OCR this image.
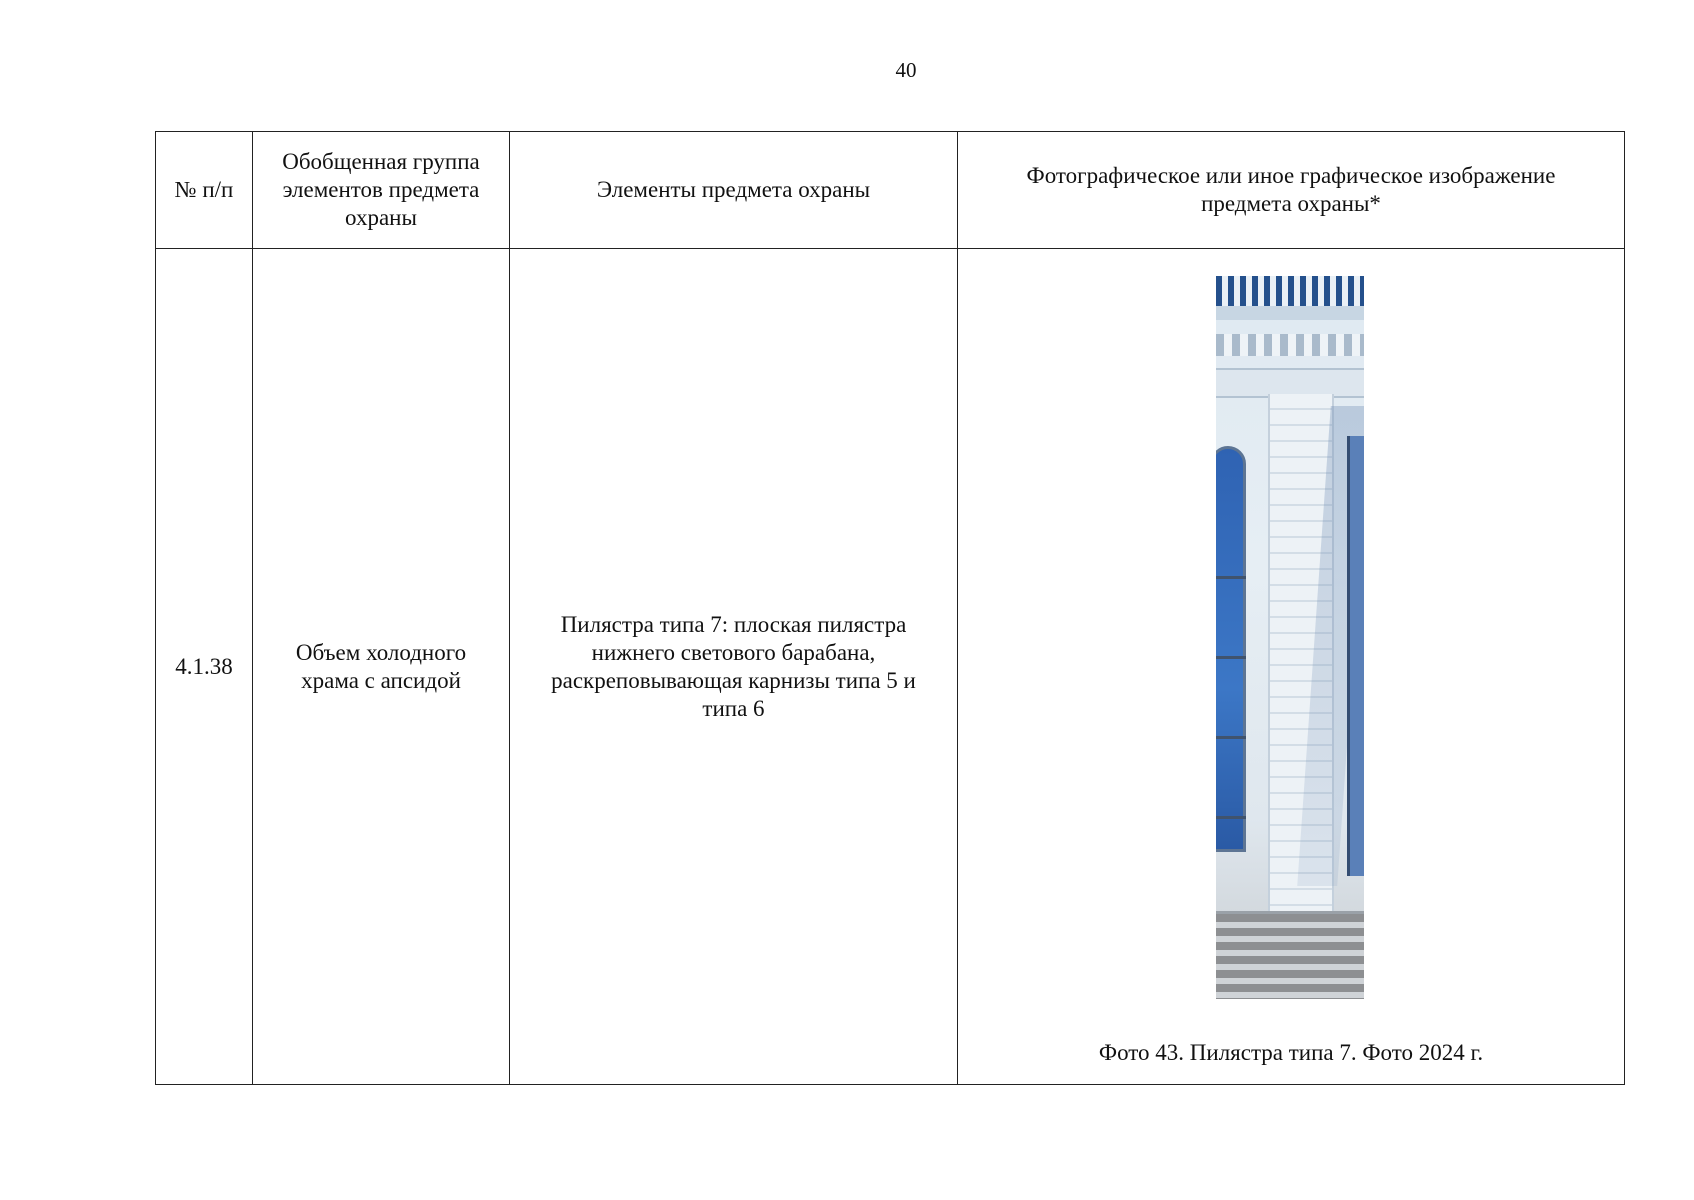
40
№ п/п	Обобщенная группа элементов предмета охраны	Элементы предмета охраны	Фотографическое или иное графическое изображение предмета охраны*
4.1.38	Объем холодного храма с апсидой	Пилястра типа 7: плоская пилястра нижнего светового барабана, раскреповывающая карнизы типа 5 и типа 6	Фото 43. Пилястра типа 7. Фото 2024 г.
